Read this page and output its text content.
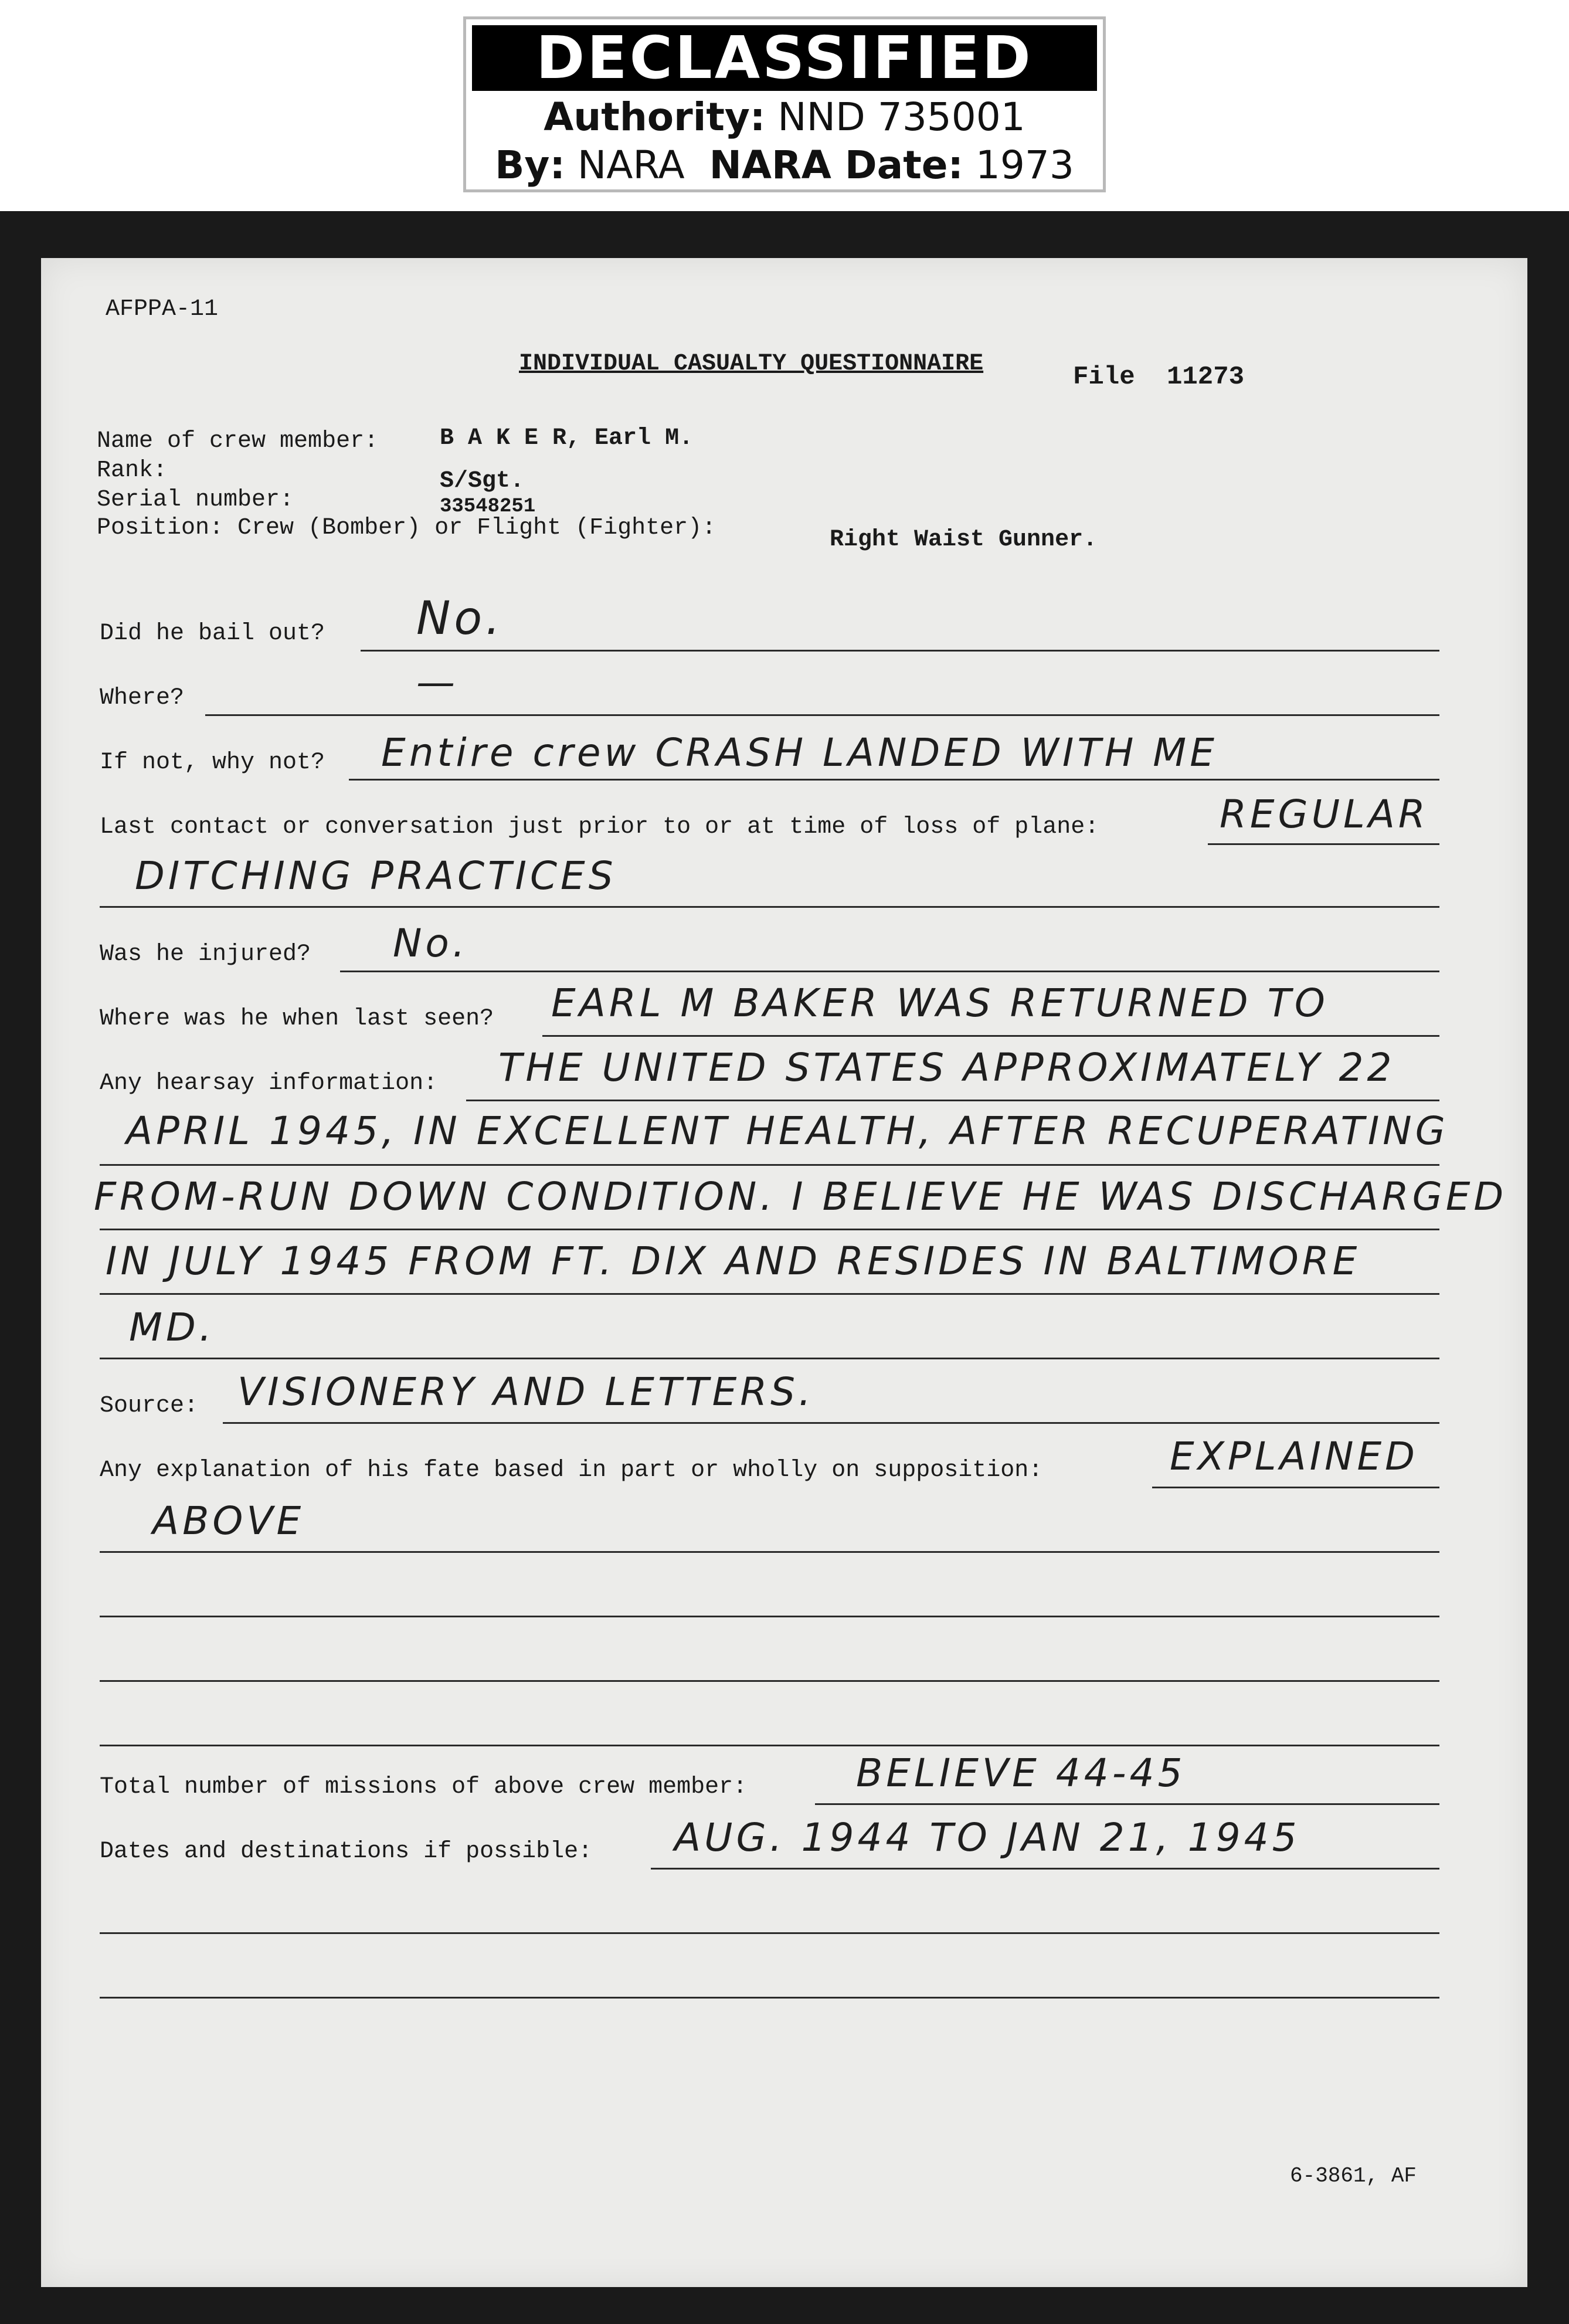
DECLASSIFIED
Authority: NND 735001
By: NARA NARA Date: 1973
AFPPA-11
INDIVIDUAL CASUALTY QUESTIONNAIRE	File 11273
Name of crew member:	B A K E R, Earl M.
Rank:	S/Sgt.
Serial number:	33548251
Position: Crew (Bomber) or Flight (Fighter):	Right Waist Gunner.
Did he bail out? No.
Where?	—
If not, why not? Entire crew CRASH LANDED WITH ME
Last contact or conversation just prior to or at time of loss of plane:	REGULAR
DITCHING PRACTICES
Was he injured? No.
Where was he when last seen? EARL M BAKER WAS RETURNED TO
Any hearsay information: THE UNITED STATES APPROXIMATELY 22
APRIL 1945, IN EXCELLENT HEALTH, AFTER RECUPERATING
FROM-RUN DOWN CONDITION. I BELIEVE HE WAS DISCHARGED
IN JULY 1945 FROM FT. DIX AND RESIDES IN BALTIMORE
MD.
Source: VISIONERY AND LETTERS.
Any explanation of his fate based in part or wholly on supposition:	EXPLAINED
ABOVE
Total number of missions of above crew member:	BELIEVE 44-45
Dates and destinations if possible: AUG. 1944 TO JAN 21, 1945
6-3861, AF
